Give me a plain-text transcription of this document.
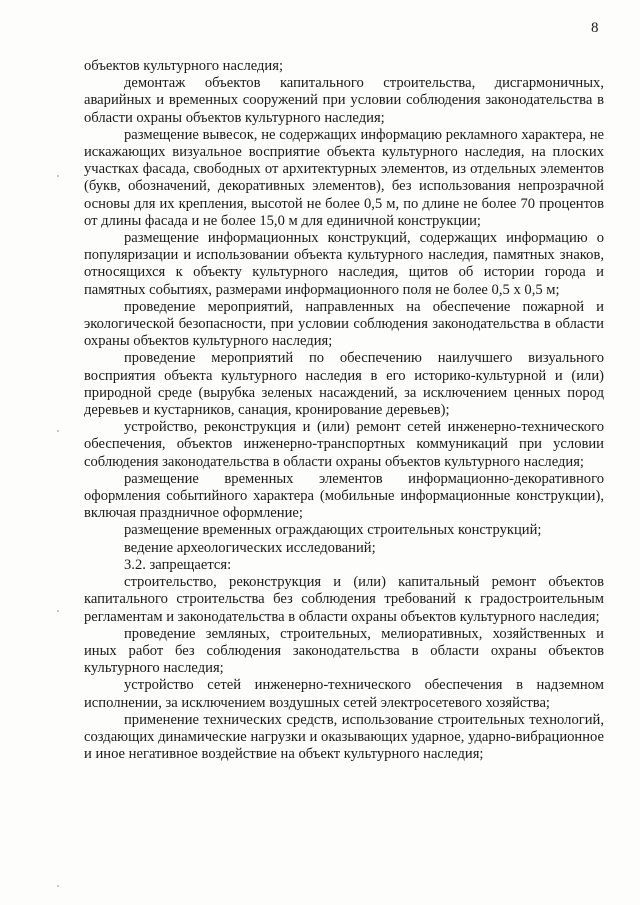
8

объектов культурного наследия;

демонтаж объектов капитального строительства, дисгармоничных, аварийных и временных сооружений при условии соблюдения законодательства в области охраны объектов культурного наследия;

размещение вывесок, не содержащих информацию рекламного характера, не искажающих визуальное восприятие объекта культурного наследия, на плоских участках фасада, свободных от архитектурных элементов, из отдельных элементов (букв, обозначений, декоративных элементов), без использования непрозрачной основы для их крепления, высотой не более 0,5 м, по длине не более 70 процентов от длины фасада и не более 15,0 м для единичной конструкции;

размещение информационных конструкций, содержащих информацию о популяризации и использовании объекта культурного наследия, памятных знаков, относящихся к объекту культурного наследия, щитов об истории города и памятных событиях, размерами информационного поля не более 0,5 х 0,5 м;

проведение мероприятий, направленных на обеспечение пожарной и экологической безопасности, при условии соблюдения законодательства в области охраны объектов культурного наследия;

проведение мероприятий по обеспечению наилучшего визуального восприятия объекта культурного наследия в его историко-культурной и (или) природной среде (вырубка зеленых насаждений, за исключением ценных пород деревьев и кустарников, санация, кронирование деревьев);

устройство, реконструкция и (или) ремонт сетей инженерно-технического обеспечения, объектов инженерно-транспортных коммуникаций при условии соблюдения законодательства в области охраны объектов культурного наследия;

размещение временных элементов информационно-декоративного оформления событийного характера (мобильные информационные конструкции), включая праздничное оформление;

размещение временных ограждающих строительных конструкций;

ведение археологических исследований;

3.2. запрещается:

строительство, реконструкция и (или) капитальный ремонт объектов капитального строительства без соблюдения требований к градостроительным регламентам и законодательства в области охраны объектов культурного наследия;

проведение земляных, строительных, мелиоративных, хозяйственных и иных работ без соблюдения законодательства в области охраны объектов культурного наследия;

устройство сетей инженерно-технического обеспечения в надземном исполнении, за исключением воздушных сетей электросетевого хозяйства;

применение технических средств, использование строительных технологий, создающих динамические нагрузки и оказывающих ударное, ударно-вибрационное и иное негативное воздействие на объект культурного наследия;
